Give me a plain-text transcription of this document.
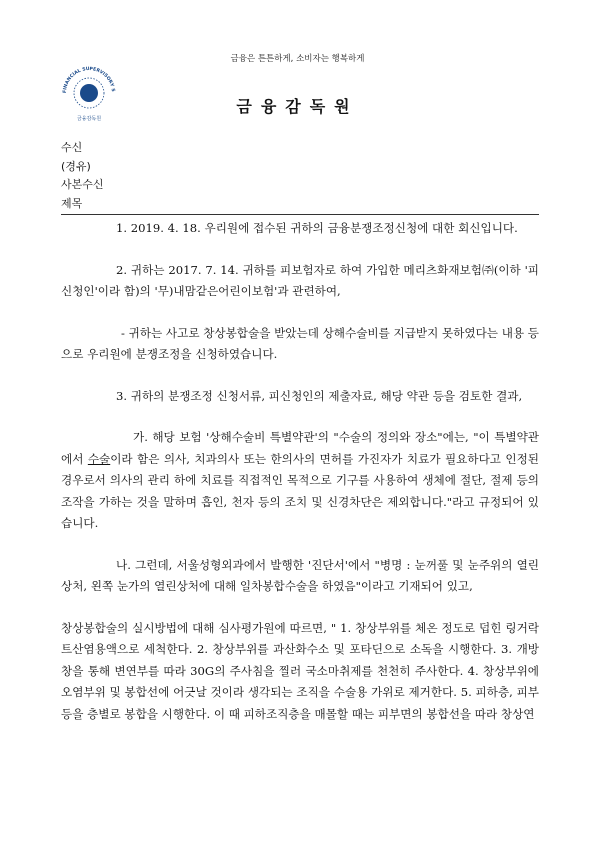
금융은 튼튼하게, 소비자는 행복하게
FINANCIAL SUPERVISORY S
금융감독원
금융감독원
수신
(경유)
사본수신
제목

1. 2019. 4. 18. 우리원에 접수된 귀하의 금융분쟁조정신청에 대한 회신입니다.

2. 귀하는 2017. 7. 14. 귀하를 피보험자로 하여 가입한 메리츠화재보험㈜(이하 '피신청인'이라 함)의 '무)내맘같은어린이보험'과 관련하여,

- 귀하는 사고로 창상봉합술을 받았는데 상해수술비를 지급받지 못하였다는 내용 등으로 우리원에 분쟁조정을 신청하였습니다.

3. 귀하의 분쟁조정 신청서류, 피신청인의 제출자료, 해당 약관 등을 검토한 결과,

가. 해당 보험 '상해수술비 특별약관'의 "수술의 정의와 장소"에는, "이 특별약관에서 수술이라 함은 의사, 치과의사 또는 한의사의 면허를 가진자가 치료가 필요하다고 인정된 경우로서 의사의 관리 하에 치료를 직접적인 목적으로 기구를 사용하여 생체에 절단, 절제 등의 조작을 가하는 것을 말하며 흡인, 천자 등의 조치 및 신경차단은 제외합니다."라고 규정되어 있습니다.

나. 그런데, 서울성형외과에서 발행한 '진단서'에서 "병명 : 눈꺼풀 및 눈주위의 열린상처, 왼쪽 눈가의 열린상처에 대해 일차봉합수술을 하였음"이라고 기재되어 있고,

창상봉합술의 실시방법에 대해 심사평가원에 따르면, " 1. 창상부위를 체온 정도로 덥힌 링거락트산염용액으로 세척한다. 2. 창상부위를 과산화수소 및 포타딘으로 소독을 시행한다. 3. 개방창을 통해 변연부를 따라 30G의 주사침을 찔러 국소마취제를 천천히 주사한다. 4. 창상부위에 오염부위 및 봉합선에 어긋날 것이라 생각되는 조직을 수술용 가위로 제거한다. 5. 피하층, 피부 등을 층별로 봉합을 시행한다. 이 때 피하조직층을 매몰할 때는 피부면의 봉합선을 따라 창상연
